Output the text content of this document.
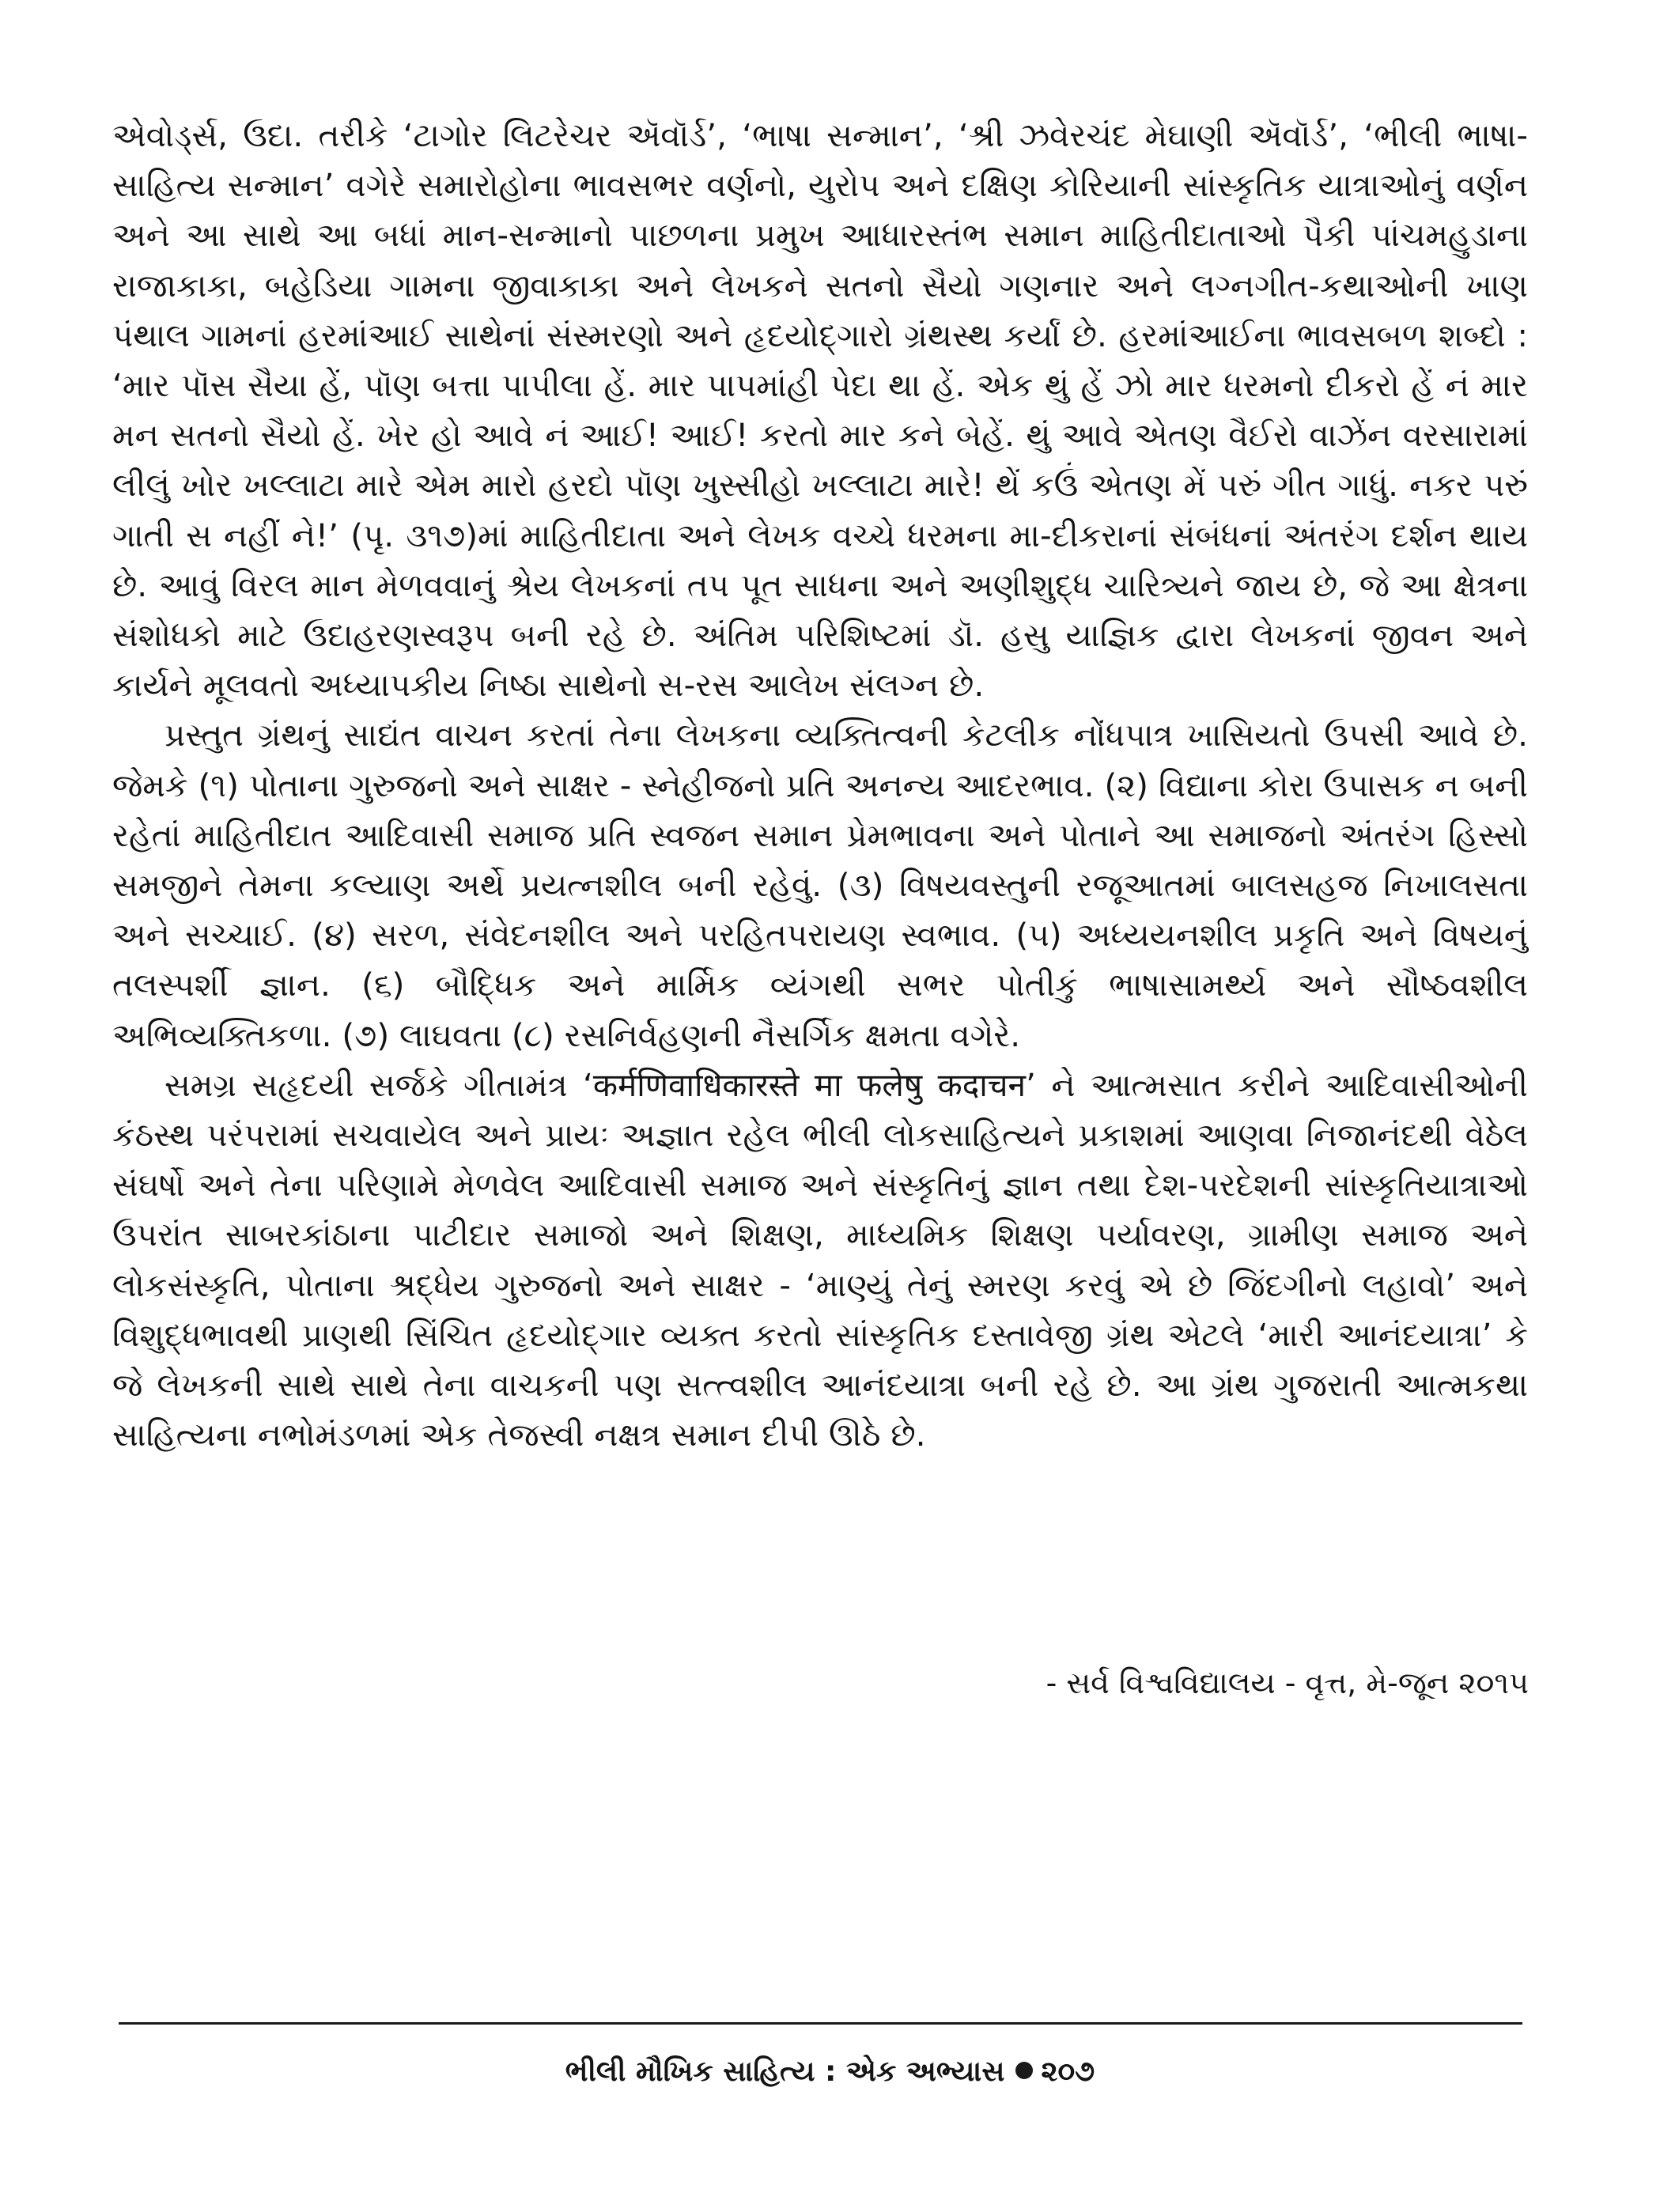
એવોર્ડ્સ, ઉદા. તરીકે ‘ટાગોર લિટરેચર ઍવૉર્ડ’, ‘ભાષા સન્માન’, ‘શ્રી ઝવેરચંદ મેઘાણી ઍવૉર્ડ’, ‘ભીલી ભાષા-સાહિત્ય સન્માન’ વગેરે સમારોહોના ભાવસભર વર્ણનો, યુરોપ અને દક્ષિણ કોરિયાની સાંસ્કૃતિક યાત્રાઓનું વર્ણન અને આ સાથે આ બધાં માન-સન્માનો પાછળના પ્રમુખ આધારસ્તંભ સમાન માહિતીદાતાઓ પૈકી પાંચમહુડાના રાજાકાકા, બહેડિયા ગામના જીવાકાકા અને લેખકને સતનો સૈયો ગણનાર અને લગ્નગીત-કથાઓની ખાણ પંથાલ ગામનાં હરમાંઆઈ સાથેનાં સંસ્મરણો અને હૃદયોદ્ગારો ગ્રંથસ્થ કર્યાં છે. હરમાંઆઈના ભાવસબળ શબ્દો : ‘માર પૉસ સૈયા હેં, પૉણ બત્તા પાપીલા હેં. માર પાપમાંહી પેદા થા હેં. એક થું હેં ઝો માર ધરમનો દીકરો હેં નં માર મન સતનો સૈયો હેં. ખેર હો આવે નં આઈ! આઈ! કરતો માર કને બેહેં. થું આવે એતણ વૈઈરો વાઝેંન વરસારામાં લીલું ખોર ખલ્લાટા મારે એમ મારો હરદો પૉણ ખુસ્સીહો ખલ્લાટા મારે! થેં કઉં એતણ મેં પરું ગીત ગાધું. નકર પરું ગાતી સ નહીં ને!’ (પૃ. ૩૧૭)માં માહિતીદાતા અને લેખક વચ્ચે ધરમના મા-દીકરાનાં સંબંધનાં અંતરંગ દર્શન થાય છે. આવું વિરલ માન મેળવવાનું શ્રેય લેખકનાં તપ પૂત સાધના અને અણીશુદ્ધ ચારિત્ર્યને જાય છે, જે આ ક્ષેત્રના સંશોધકો માટે ઉદાહરણસ્વરૂપ બની રહે છે. અંતિમ પરિશિષ્ટમાં ડૉ. હસુ યાજ્ઞિક દ્વારા લેખકનાં જીવન અને કાર્યને મૂલવતો અધ્યાપકીય નિષ્ઠા સાથેનો સ-રસ આલેખ સંલગ્ન છે.

પ્રસ્તુત ગ્રંથનું સાદ્યંત વાચન કરતાં તેના લેખકના વ્યક્તિત્વની કેટલીક નોંધપાત્ર ખાસિયતો ઉપસી આવે છે. જેમકે (૧) પોતાના ગુરુજનો અને સાક્ષર - સ્નેહીજનો પ્રતિ અનન્ય આદરભાવ. (૨) વિદ્યાના કોરા ઉપાસક ન બની રહેતાં માહિતીદાત આદિવાસી સમાજ પ્રતિ સ્વજન સમાન પ્રેમભાવના અને પોતાને આ સમાજનો અંતરંગ હિસ્સો સમજીને તેમના કલ્યાણ અર્થે પ્રયત્નશીલ બની રહેવું. (૩) વિષયવસ્તુની રજૂઆતમાં બાલસહજ નિખાલસતા અને સચ્ચાઈ. (૪) સરળ, સંવેદનશીલ અને પરહિતપરાયણ સ્વભાવ. (૫) અધ્યયનશીલ પ્રકૃતિ અને વિષયનું તલસ્પર્શી જ્ઞાન. (૬) બૌદ્ધિક અને માર્મિક વ્યંગથી સભર પોતીકું ભાષાસામર્થ્ય અને સૌષ્ઠવશીલ અભિવ્યક્તિકળા. (૭) લાઘવતા (૮) રસનિર્વહણની નૈસર્ગિક ક્ષમતા વગેરે.

સમગ્ર સહૃદયી સર્જકે ગીતામંત્ર ‘कर्मणिवाधिकारस्ते मा फलेषु कदाचन’ ને આત્મસાત કરીને આદિવાસીઓની કંઠસ્થ પરંપરામાં સચવાયેલ અને પ્રાયઃ અજ્ઞાત રહેલ ભીલી લોકસાહિત્યને પ્રકાશમાં આણવા નિજાનંદથી વેઠેલ સંઘર્ષો અને તેના પરિણામે મેળવેલ આદિવાસી સમાજ અને સંસ્કૃતિનું જ્ઞાન તથા દેશ-પરદેશની સાંસ્કૃતિયાત્રાઓ ઉપરાંત સાબરકાંઠાના પાટીદાર સમાજો અને શિક્ષણ, માધ્યમિક શિક્ષણ પર્યાવરણ, ગ્રામીણ સમાજ અને લોકસંસ્કૃતિ, પોતાના શ્રદ્ધેય ગુરુજનો અને સાક્ષર - ‘માણ્યું તેનું સ્મરણ કરવું એ છે જિંદગીનો લહાવો’ અને વિશુદ્ધભાવથી પ્રાણથી સિંચિત હૃદયોદ્ગાર વ્યક્ત કરતો સાંસ્કૃતિક દસ્તાવેજી ગ્રંથ એટલે ‘મારી આનંદયાત્રા’ કે જે લેખકની સાથે સાથે તેના વાચકની પણ સત્ત્વશીલ આનંદયાત્રા બની રહે છે. આ ગ્રંથ ગુજરાતી આત્મકથા સાહિત્યના નભોમંડળમાં એક તેજસ્વી નક્ષત્ર સમાન દીપી ઊઠે છે.

- સર્વ વિશ્વવિદ્યાલય - વૃત્ત, મે-જૂન ૨૦૧૫
ભીલી મૌખિક સાહિત્ય : એક અભ્યાસ ૨૦૭
